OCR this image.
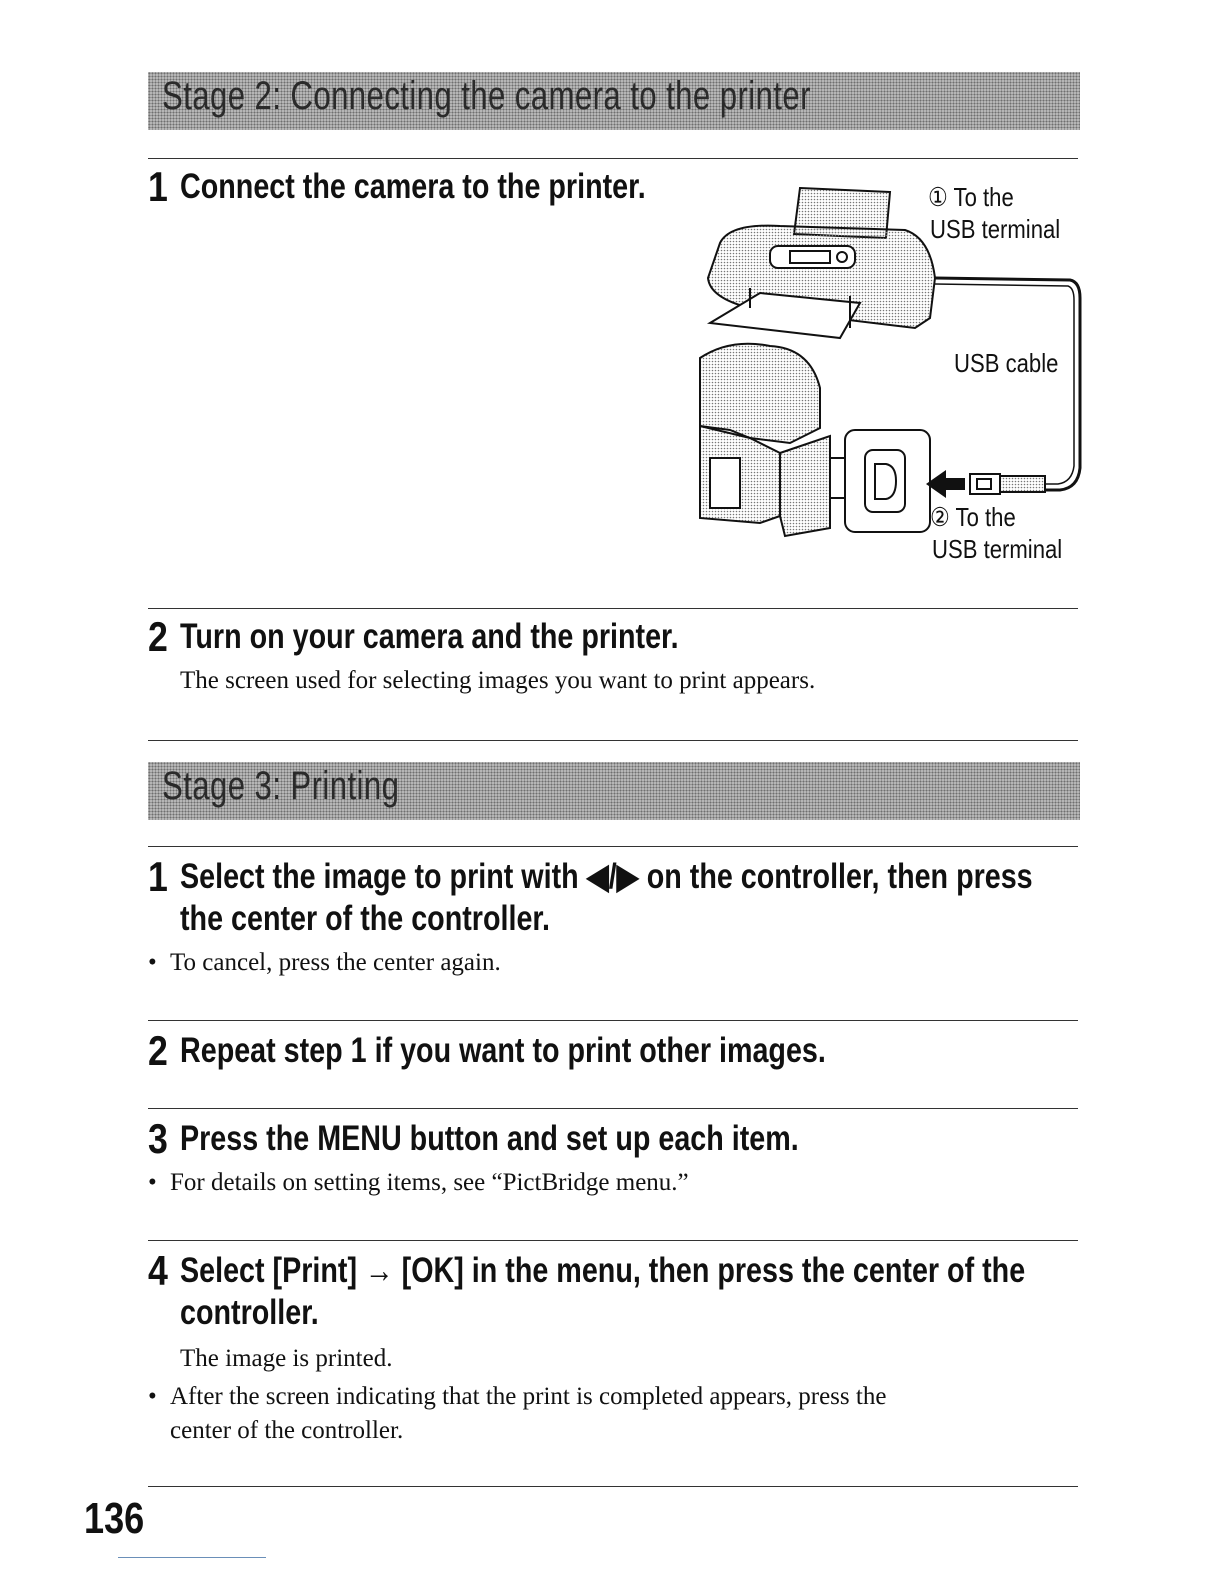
Stage 2: Connecting the camera to the printer
1 Connect the camera to the printer.	① To the
USB terminal
USB cable
② To the
USB terminal
2 Turn on your camera and the printer.
The screen used for selecting images you want to print appears.
Stage 3: Printing
1 Select the image to print with ◀/▶ on the controller, then press
the center of the controller.
• To cancel, press the center again.
2 Repeat step 1 if you want to print other images.
3 Press the MENU button and set up each item.
• For details on setting items, see “PictBridge menu.”
4 Select [Print] → [OK] in the menu, then press the center of the
controller.
The image is printed.
• After the screen indicating that the print is completed appears, press the
center of the controller.
136
